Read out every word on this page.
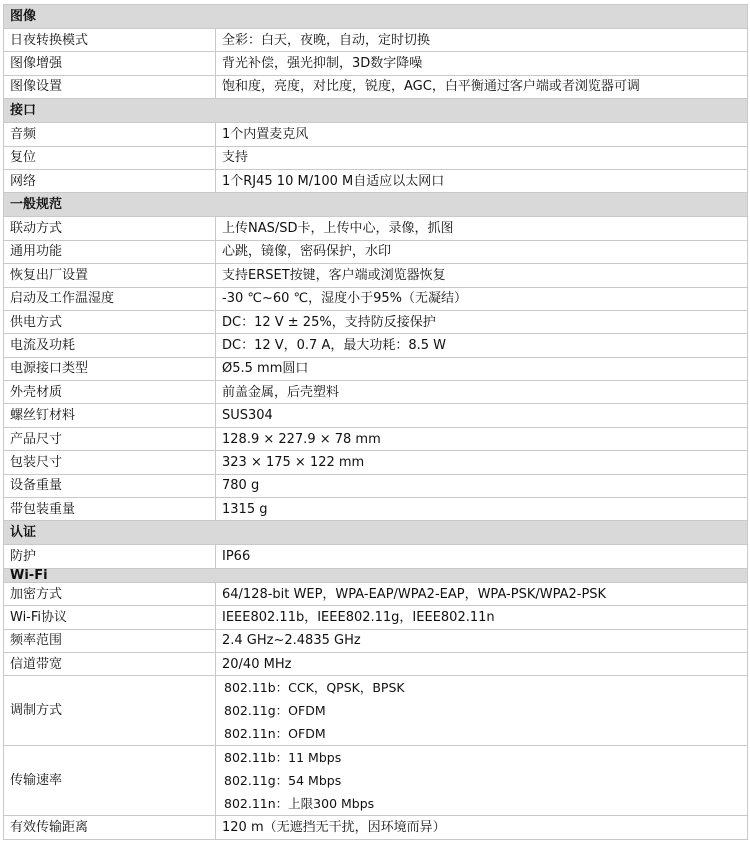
图像	
日夜转换模式	全彩：白天，夜晚，自动，定时切换
图像增强	背光补偿，强光抑制，3D数字降噪
图像设置	饱和度，亮度，对比度，锐度，AGC，白平衡通过客户端或者浏览器可调
接口	
音频	1个内置麦克风
复位	支持
网络	1个RJ45 10 M/100 M自适应以太网口
一般规范	
联动方式	上传NAS/SD卡，上传中心，录像，抓图
通用功能	心跳，镜像，密码保护，水印
恢复出厂设置	支持ERSET按键，客户端或浏览器恢复
启动及工作温湿度	-30 ℃~60 ℃，湿度小于95%（无凝结）
供电方式	DC：12 V ± 25%，支持防反接保护
电流及功耗	DC：12 V，0.7 A，最大功耗：8.5 W
电源接口类型	Ø5.5 mm圆口
外壳材质	前盖金属，后壳塑料
螺丝钉材料	SUS304
产品尺寸	128.9 × 227.9 × 78 mm
包装尺寸	323 × 175 × 122 mm
设备重量	780 g
带包装重量	1315 g
认证	
防护	IP66
Wi-Fi	
加密方式	64/128-bit WEP，WPA-EAP/WPA2-EAP，WPA-PSK/WPA2-PSK
Wi-Fi协议	IEEE802.11b，IEEE802.11g，IEEE802.11n
频率范围	2.4 GHz~2.4835 GHz
信道带宽	20/40 MHz
调制方式	802.11b：CCK，QPSK，BPSK
802.11g：OFDM
802.11n：OFDM

传输速率	802.11b：11 Mbps
802.11g：54 Mbps
802.11n：上限300 Mbps

有效传输距离	120 m（无遮挡无干扰，因环境而异）
